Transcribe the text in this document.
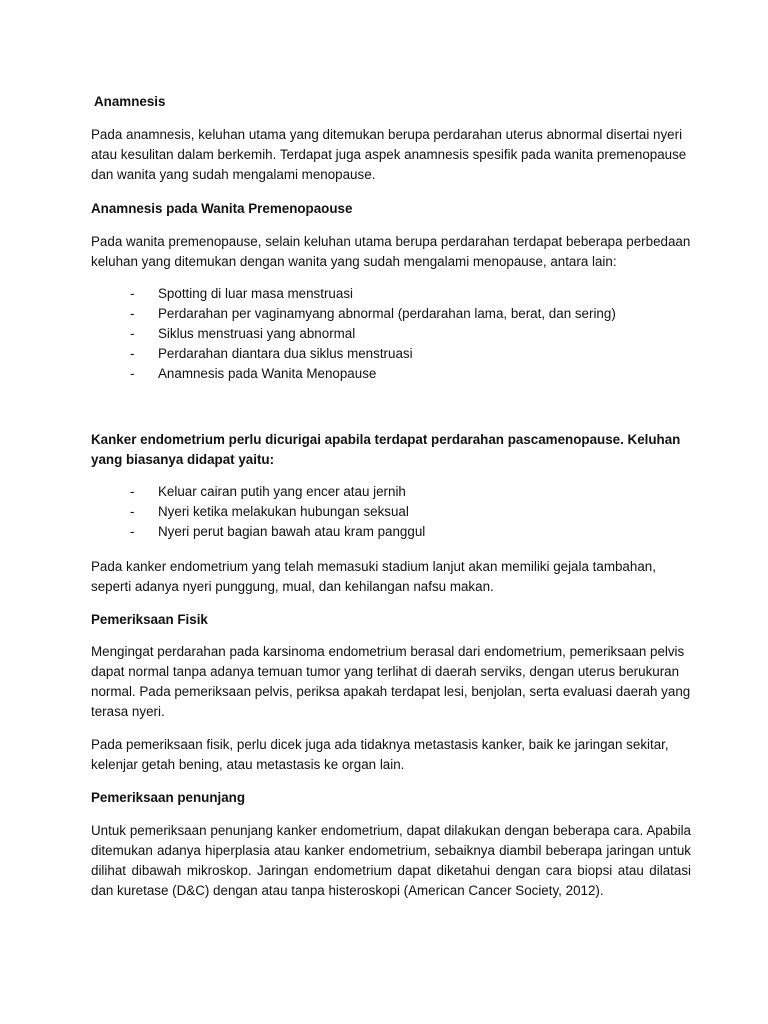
Anamnesis

Pada anamnesis, keluhan utama yang ditemukan berupa perdarahan uterus abnormal disertai nyeri atau kesulitan dalam berkemih. Terdapat juga aspek anamnesis spesifik pada wanita premenopause dan wanita yang sudah mengalami menopause.

Anamnesis pada Wanita Premenopaouse

Pada wanita premenopause, selain keluhan utama berupa perdarahan terdapat beberapa perbedaan keluhan yang ditemukan dengan wanita yang sudah mengalami menopause, antara lain:

- Spotting di luar masa menstruasi
- Perdarahan per vaginamyang abnormal (perdarahan lama, berat, dan sering)
- Siklus menstruasi yang abnormal
- Perdarahan diantara dua siklus menstruasi
- Anamnesis pada Wanita Menopause

Kanker endometrium perlu dicurigai apabila terdapat perdarahan pascamenopause. Keluhan yang biasanya didapat yaitu:

- Keluar cairan putih yang encer atau jernih
- Nyeri ketika melakukan hubungan seksual
- Nyeri perut bagian bawah atau kram panggul

Pada kanker endometrium yang telah memasuki stadium lanjut akan memiliki gejala tambahan, seperti adanya nyeri punggung, mual, dan kehilangan nafsu makan.

Pemeriksaan Fisik

Mengingat perdarahan pada karsinoma endometrium berasal dari endometrium, pemeriksaan pelvis dapat normal tanpa adanya temuan tumor yang terlihat di daerah serviks, dengan uterus berukuran normal. Pada pemeriksaan pelvis, periksa apakah terdapat lesi, benjolan, serta evaluasi daerah yang terasa nyeri.

Pada pemeriksaan fisik, perlu dicek juga ada tidaknya metastasis kanker, baik ke jaringan sekitar, kelenjar getah bening, atau metastasis ke organ lain.

Pemeriksaan penunjang

Untuk pemeriksaan penunjang kanker endometrium, dapat dilakukan dengan beberapa cara. Apabila ditemukan adanya hiperplasia atau kanker endometrium, sebaiknya diambil beberapa jaringan untuk dilihat dibawah mikroskop. Jaringan endometrium dapat diketahui dengan cara biopsi atau dilatasi dan kuretase (D&C) dengan atau tanpa histeroskopi (American Cancer Society, 2012).
